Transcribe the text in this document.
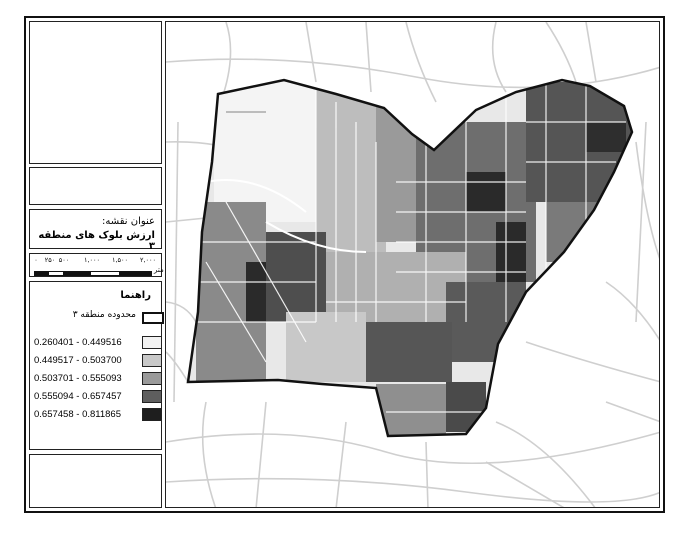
عنوان نقشه:
ارزش بلوک های منطقه ۳
۰ ۲۵۰ ۵۰۰ ۱,۰۰۰ ۱,۵۰۰ ۲,۰۰۰
متر
راهنما
محدوده منطقه ۳
0.260401 - 0.449516
0.449517 - 0.503700
0.503701 - 0.555093
0.555094 - 0.657457
0.657458 - 0.811865
